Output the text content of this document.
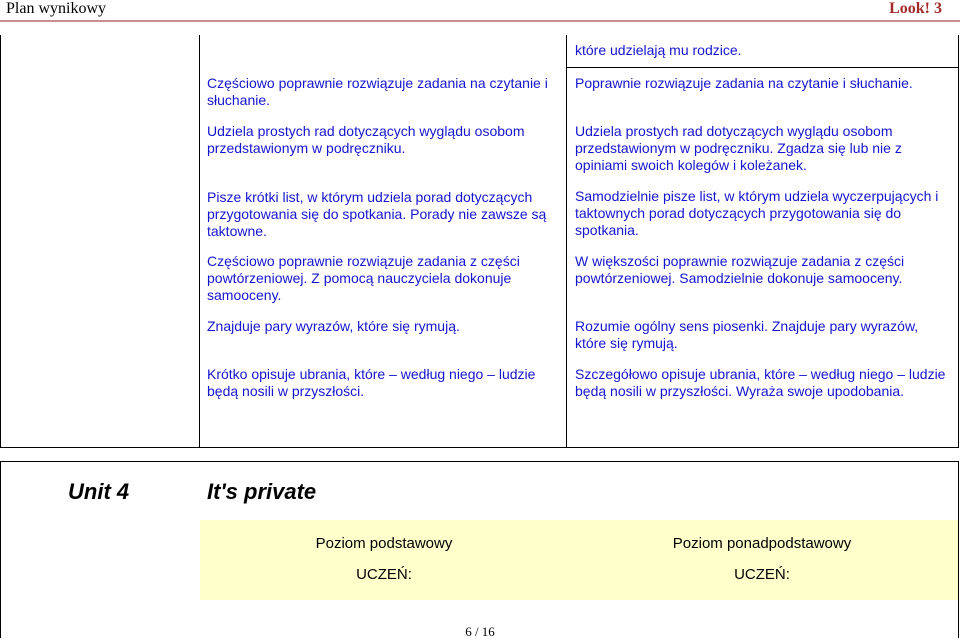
Plan wynikowy	Look! 3

Częściowo poprawnie rozwiązuje zadania na czytanie i słuchanie.

Udziela prostych rad dotyczących wyglądu osobom przedstawionym w podręczniku.

Pisze krótki list, w którym udziela porad dotyczących przygotowania się do spotkania. Porady nie zawsze są taktowne.

Częściowo poprawnie rozwiązuje zadania z części powtórzeniowej. Z pomocą nauczyciela dokonuje samooceny.

Znajduje pary wyrazów, które się rymują.

Krótko opisuje ubrania, które – według niego – ludzie będą nosili w przyszłości.

które udzielają mu rodzice.

Poprawnie rozwiązuje zadania na czytanie i słuchanie.

Udziela prostych rad dotyczących wyglądu osobom przedstawionym w podręczniku. Zgadza się lub nie z opiniami swoich kolegów i koleżanek.

Samodzielnie pisze list, w którym udziela wyczerpujących i taktownych porad dotyczących przygotowania się do spotkania.

W większości poprawnie rozwiązuje zadania z części powtórzeniowej. Samodzielnie dokonuje samooceny.

Rozumie ogólny sens piosenki. Znajduje pary wyrazów, które się rymują.

Szczegółowo opisuje ubrania, które – według niego – ludzie będą nosili w przyszłości. Wyraża swoje upodobania.

Unit 4	It's private
Poziom podstawowy
UCZEŃ:
Poziom ponadpodstawowy
UCZEŃ:
6 / 16
